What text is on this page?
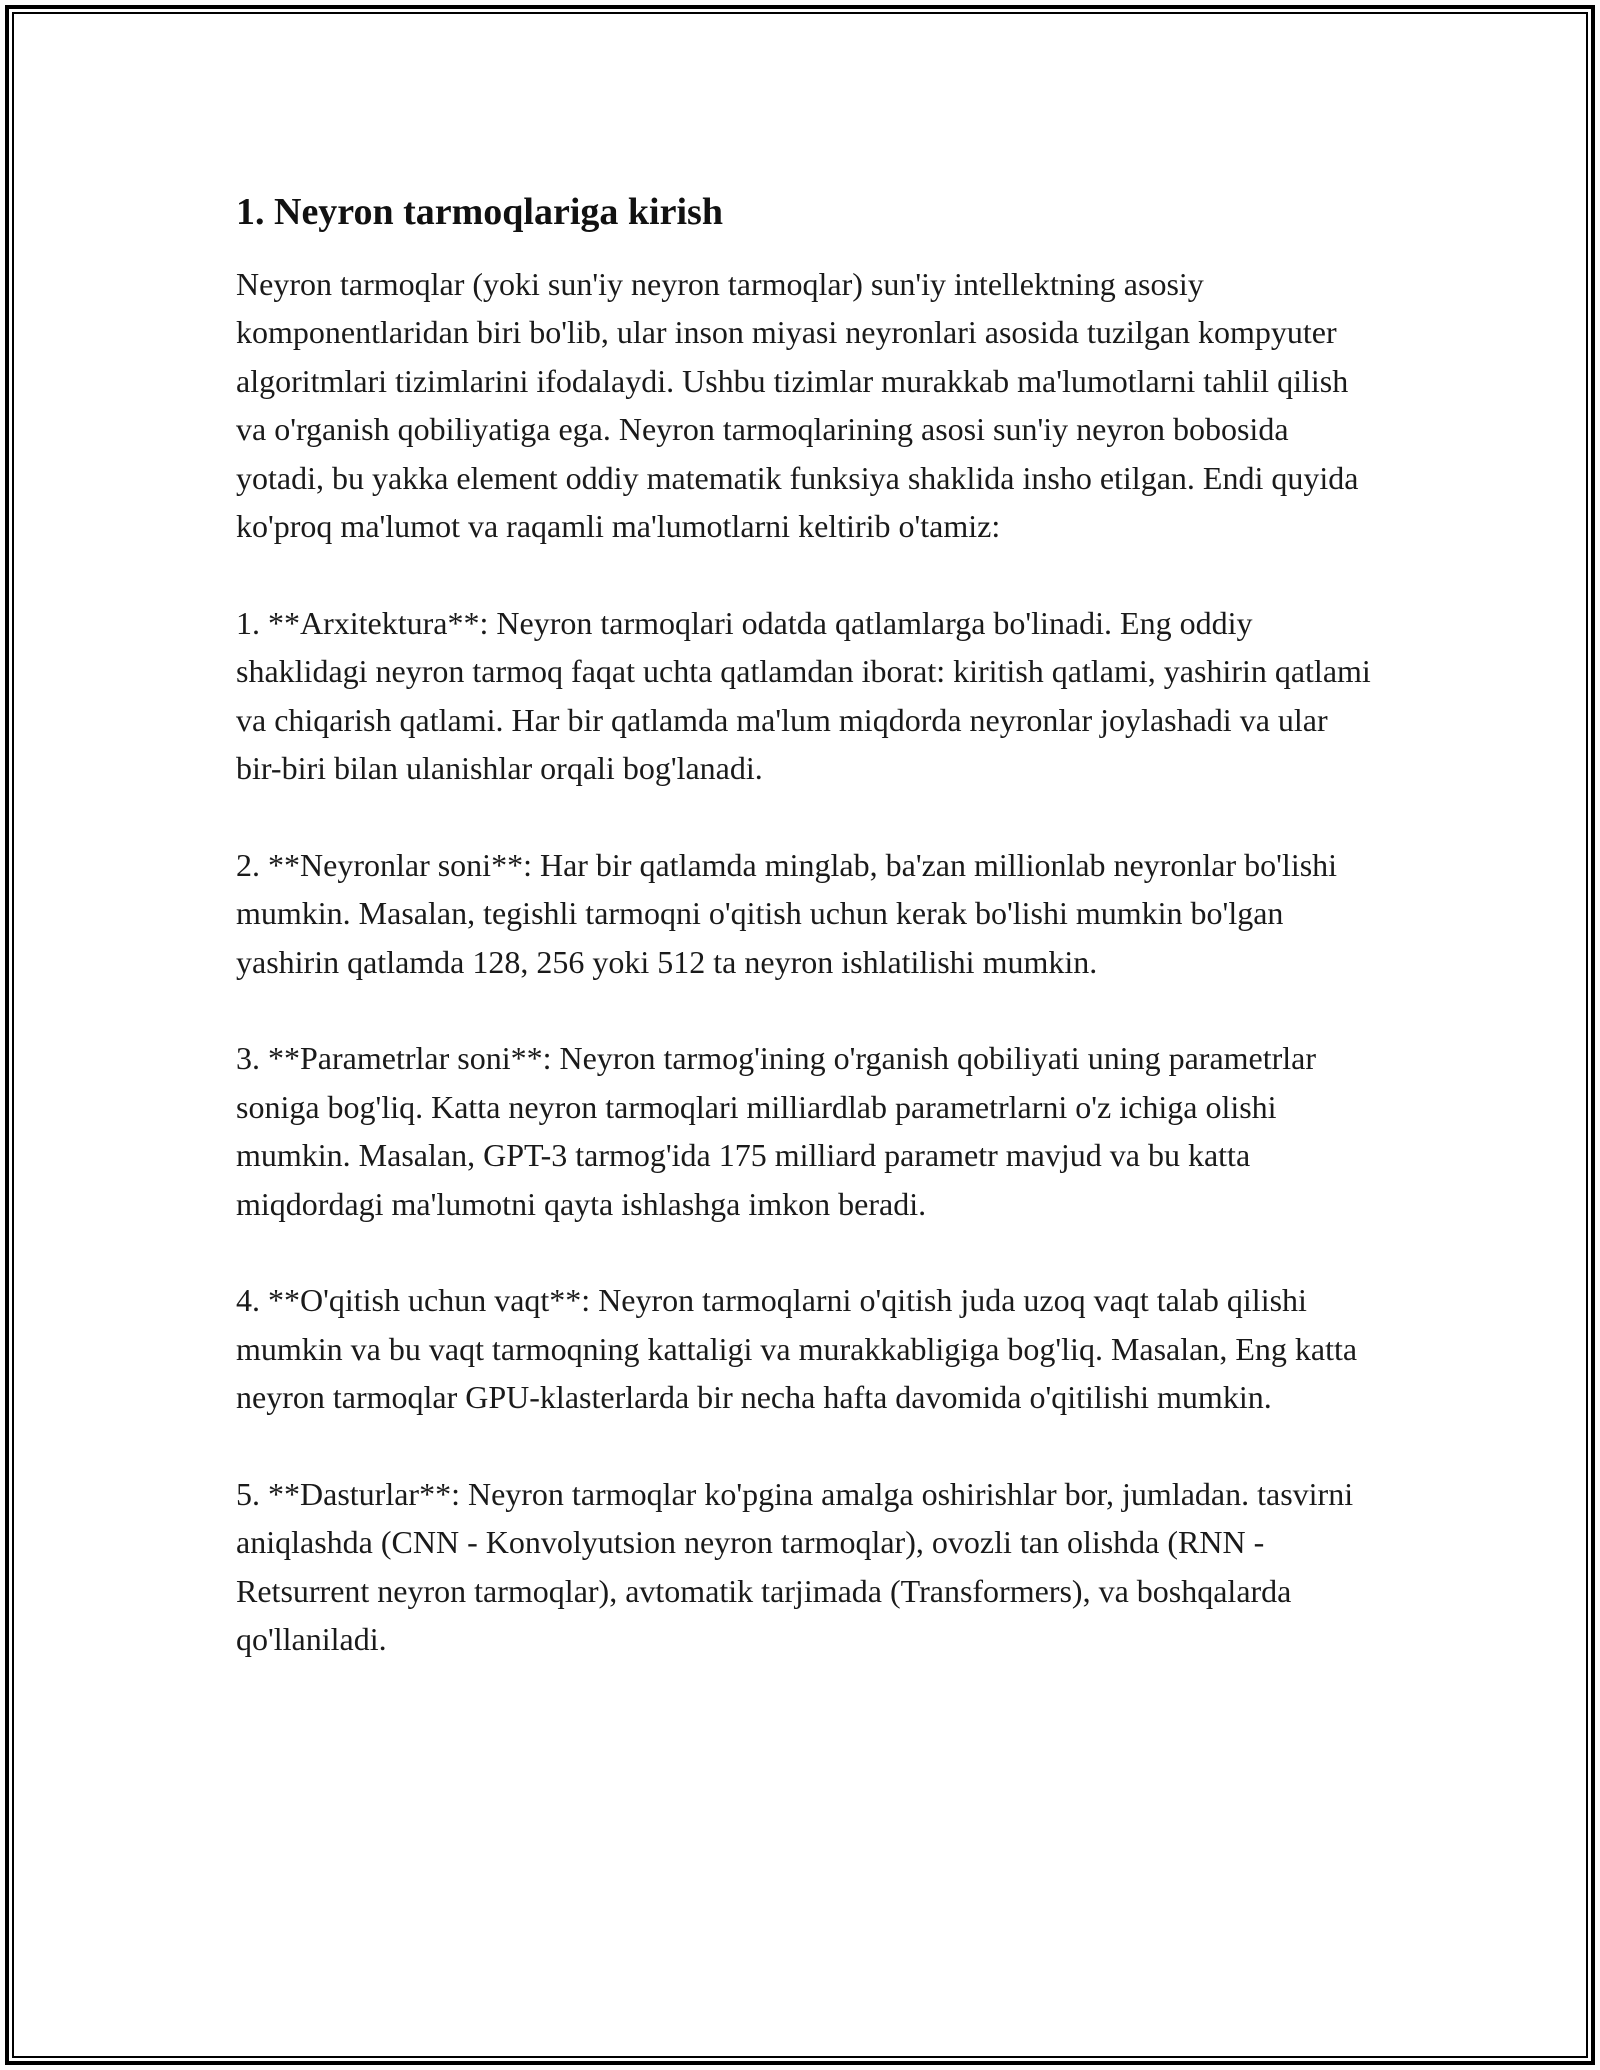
1. Neyron tarmoqlariga kirish

Neyron tarmoqlar (yoki sun'iy neyron tarmoqlar) sun'iy intellektning asosiy komponentlaridan biri bo'lib, ular inson miyasi neyronlari asosida tuzilgan kompyuter algoritmlari tizimlarini ifodalaydi. Ushbu tizimlar murakkab ma'lumotlarni tahlil qilish va o'rganish qobiliyatiga ega. Neyron tarmoqlarining asosi sun'iy neyron bobosida yotadi, bu yakka element oddiy matematik funksiya shaklida insho etilgan. Endi quyida ko'proq ma'lumot va raqamli ma'lumotlarni keltirib o'tamiz:

1. **Arxitektura**: Neyron tarmoqlari odatda qatlamlarga bo'linadi. Eng oddiy shaklidagi neyron tarmoq faqat uchta qatlamdan iborat: kiritish qatlami, yashirin qatlami va chiqarish qatlami. Har bir qatlamda ma'lum miqdorda neyronlar joylashadi va ular bir-biri bilan ulanishlar orqali bog'lanadi.

2. **Neyronlar soni**: Har bir qatlamda minglab, ba'zan millionlab neyronlar bo'lishi mumkin. Masalan, tegishli tarmoqni o'qitish uchun kerak bo'lishi mumkin bo'lgan yashirin qatlamda 128, 256 yoki 512 ta neyron ishlatilishi mumkin.

3. **Parametrlar soni**: Neyron tarmog'ining o'rganish qobiliyati uning parametrlar soniga bog'liq. Katta neyron tarmoqlari milliardlab parametrlarni o'z ichiga olishi mumkin. Masalan, GPT-3 tarmog'ida 175 milliard parametr mavjud va bu katta miqdordagi ma'lumotni qayta ishlashga imkon beradi.

4. **O'qitish uchun vaqt**: Neyron tarmoqlarni o'qitish juda uzoq vaqt talab qilishi mumkin va bu vaqt tarmoqning kattaligi va murakkabligiga bog'liq. Masalan, Eng katta neyron tarmoqlar GPU-klasterlarda bir necha hafta davomida o'qitilishi mumkin.

5. **Dasturlar**: Neyron tarmoqlar ko'pgina amalga oshirishlar bor, jumladan. tasvirni aniqlashda (CNN - Konvolyutsion neyron tarmoqlar), ovozli tan olishda (RNN - Retsurrent neyron tarmoqlar), avtomatik tarjimada (Transformers), va boshqalarda qo'llaniladi.
